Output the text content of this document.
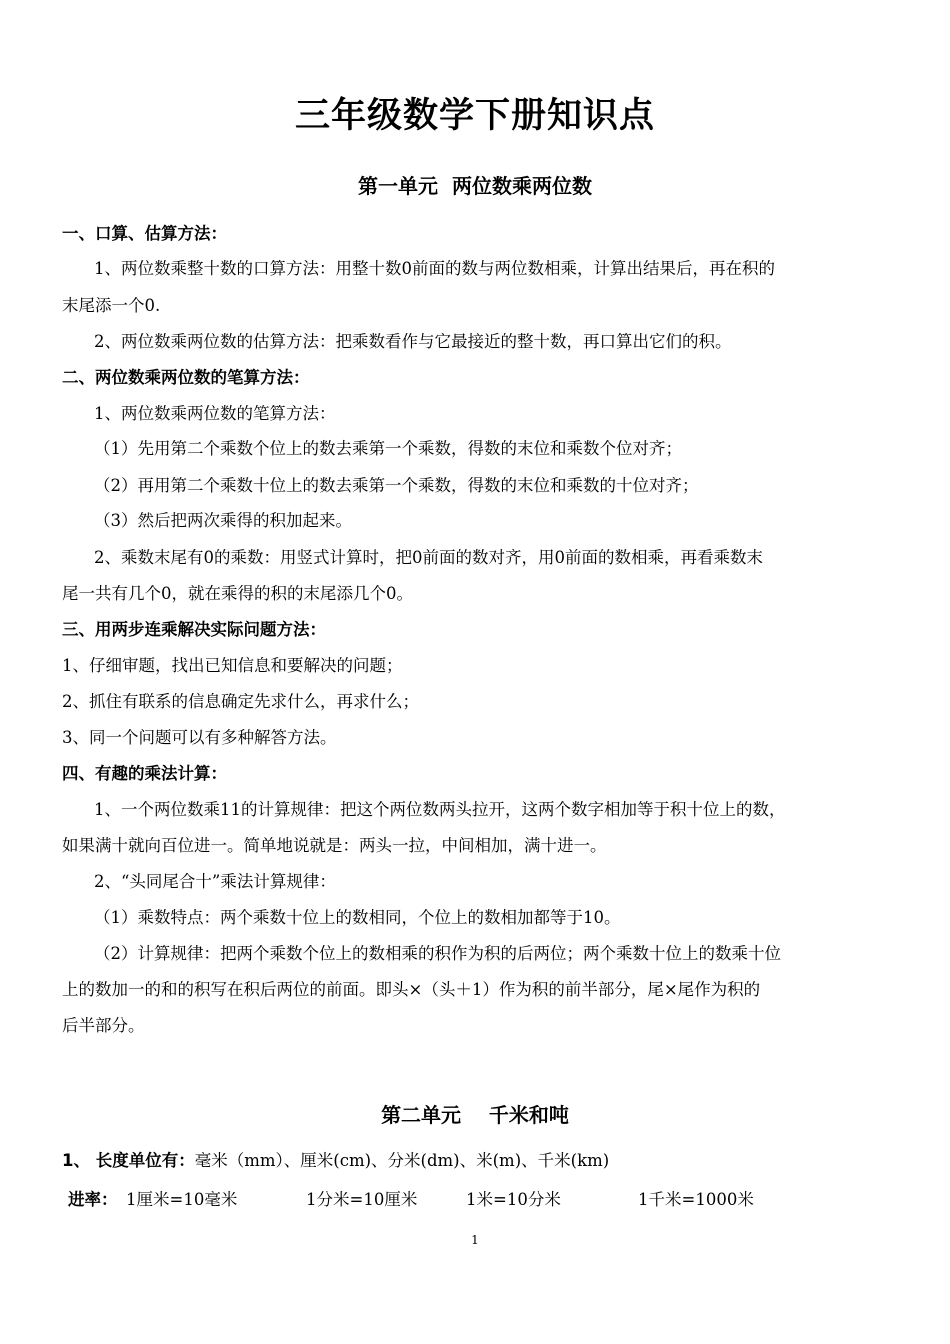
三年级数学下册知识点
第一单元  两位数乘两位数
一、口算、估算方法：
1、两位数乘整十数的口算方法：用整十数0前面的数与两位数相乘，计算出结果后，再在积的
末尾添一个0.
2、两位数乘两位数的估算方法：把乘数看作与它最接近的整十数，再口算出它们的积。
二、两位数乘两位数的笔算方法：
1、两位数乘两位数的笔算方法：
（1）先用第二个乘数个位上的数去乘第一个乘数，得数的末位和乘数个位对齐；
（2）再用第二个乘数十位上的数去乘第一个乘数，得数的末位和乘数的十位对齐；
（3）然后把两次乘得的积加起来。
2、乘数末尾有0的乘数：用竖式计算时，把0前面的数对齐，用0前面的数相乘，再看乘数末
尾一共有几个0，就在乘得的积的末尾添几个0。
三、用两步连乘解决实际问题方法：
1、仔细审题，找出已知信息和要解决的问题；
2、抓住有联系的信息确定先求什么，再求什么；
3、同一个问题可以有多种解答方法。
四、有趣的乘法计算：
1、一个两位数乘11的计算规律：把这个两位数两头拉开，这两个数字相加等于积十位上的数，
如果满十就向百位进一。简单地说就是：两头一拉，中间相加，满十进一。
2、“头同尾合十”乘法计算规律：
（1）乘数特点：两个乘数十位上的数相同，个位上的数相加都等于10。
（2）计算规律：把两个乘数个位上的数相乘的积作为积的后两位；两个乘数十位上的数乘十位
上的数加一的和的积写在积后两位的前面。即头×（头＋1）作为积的前半部分，尾×尾作为积的
后半部分。
第二单元    千米和吨
1、 长度单位有：毫米（mm）、厘米(cm)、分米(dm)、米(m)、千米(km)
进率： 1厘米=10毫米	1分米=10厘米	1米=10分米	1千米=1000米
1
